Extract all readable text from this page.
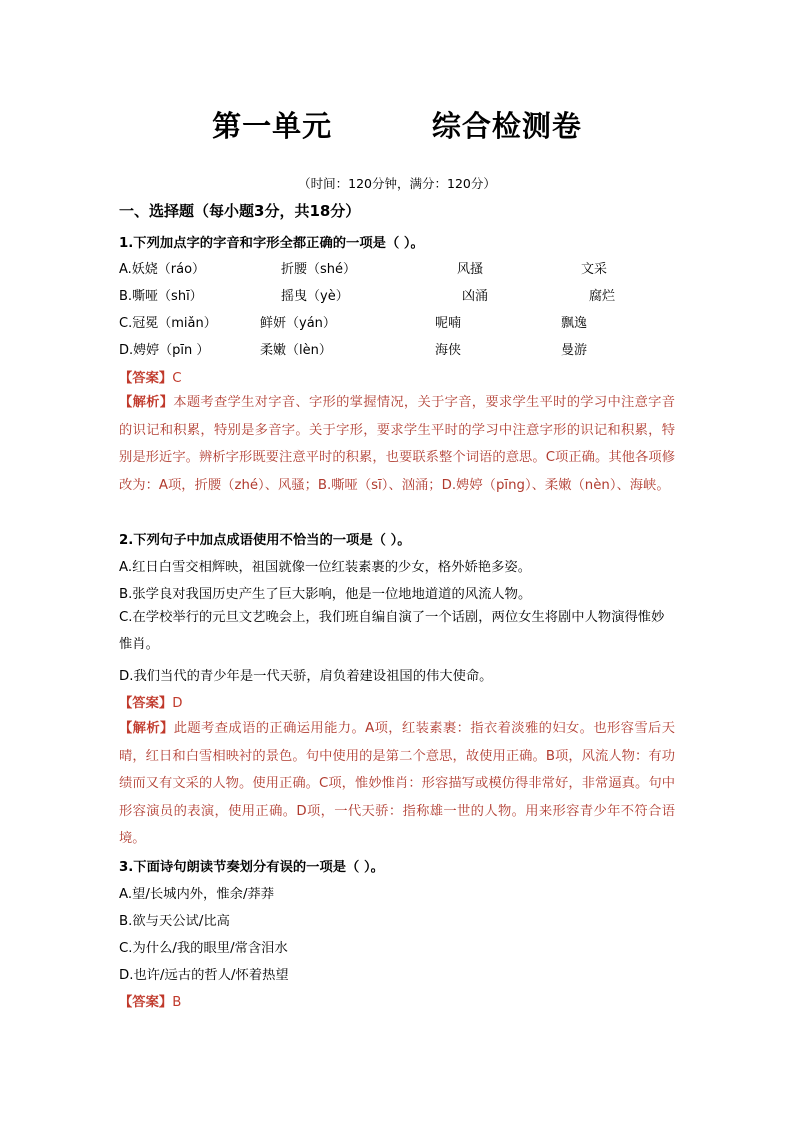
第一单元         综合检测卷
（时间：120分钟，满分：120分）
一、选择题（每小题3分，共18分）
1.下列加点字的字音和字形全都正确的一项是（ ）。
A.妖娆（ráo）	折腰（shé）	风搔	文采
B.嘶哑（shī）	摇曳（yè）	凶涌	腐烂
C.冠冕（miǎn）	鲜妍（yán）	呢喃	飘逸
D.娉婷（pīn ）	柔嫩（lèn）	海侠	曼游
【答案】C
【解析】本题考查学生对字音、字形的掌握情况，关于字音，要求学生平时的学习中注意字音的识记和积累，特别是多音字。关于字形，要求学生平时的学习中注意字形的识记和积累，特别是形近字。辨析字形既要注意平时的积累，也要联系整个词语的意思。C项正确。其他各项修改为：A项，折腰（zhé）、风骚；B.嘶哑（sī）、汹涌；D.娉婷（pīng）、柔嫩（nèn）、海峡。
2.下列句子中加点成语使用不恰当的一项是（ ）。
A.红日白雪交相辉映，祖国就像一位红装素裹的少女，格外娇艳多姿。
B.张学良对我国历史产生了巨大影响，他是一位地地道道的风流人物。
C.在学校举行的元旦文艺晚会上，我们班自编自演了一个话剧，两位女生将剧中人物演得惟妙惟肖。
D.我们当代的青少年是一代天骄，肩负着建设祖国的伟大使命。
【答案】D
【解析】此题考查成语的正确运用能力。A项，红装素裹：指衣着淡雅的妇女。也形容雪后天晴，红日和白雪相映衬的景色。句中使用的是第二个意思，故使用正确。B项，风流人物：有功绩而又有文采的人物。使用正确。C项，惟妙惟肖：形容描写或模仿得非常好，非常逼真。句中形容演员的表演，使用正确。D项，一代天骄：指称雄一世的人物。用来形容青少年不符合语境。
3.下面诗句朗读节奏划分有误的一项是（ ）。
A.望/长城内外，惟余/莽莽
B.欲与天公试/比高
C.为什么/我的眼里/常含泪水
D.也许/远古的哲人/怀着热望
【答案】B
